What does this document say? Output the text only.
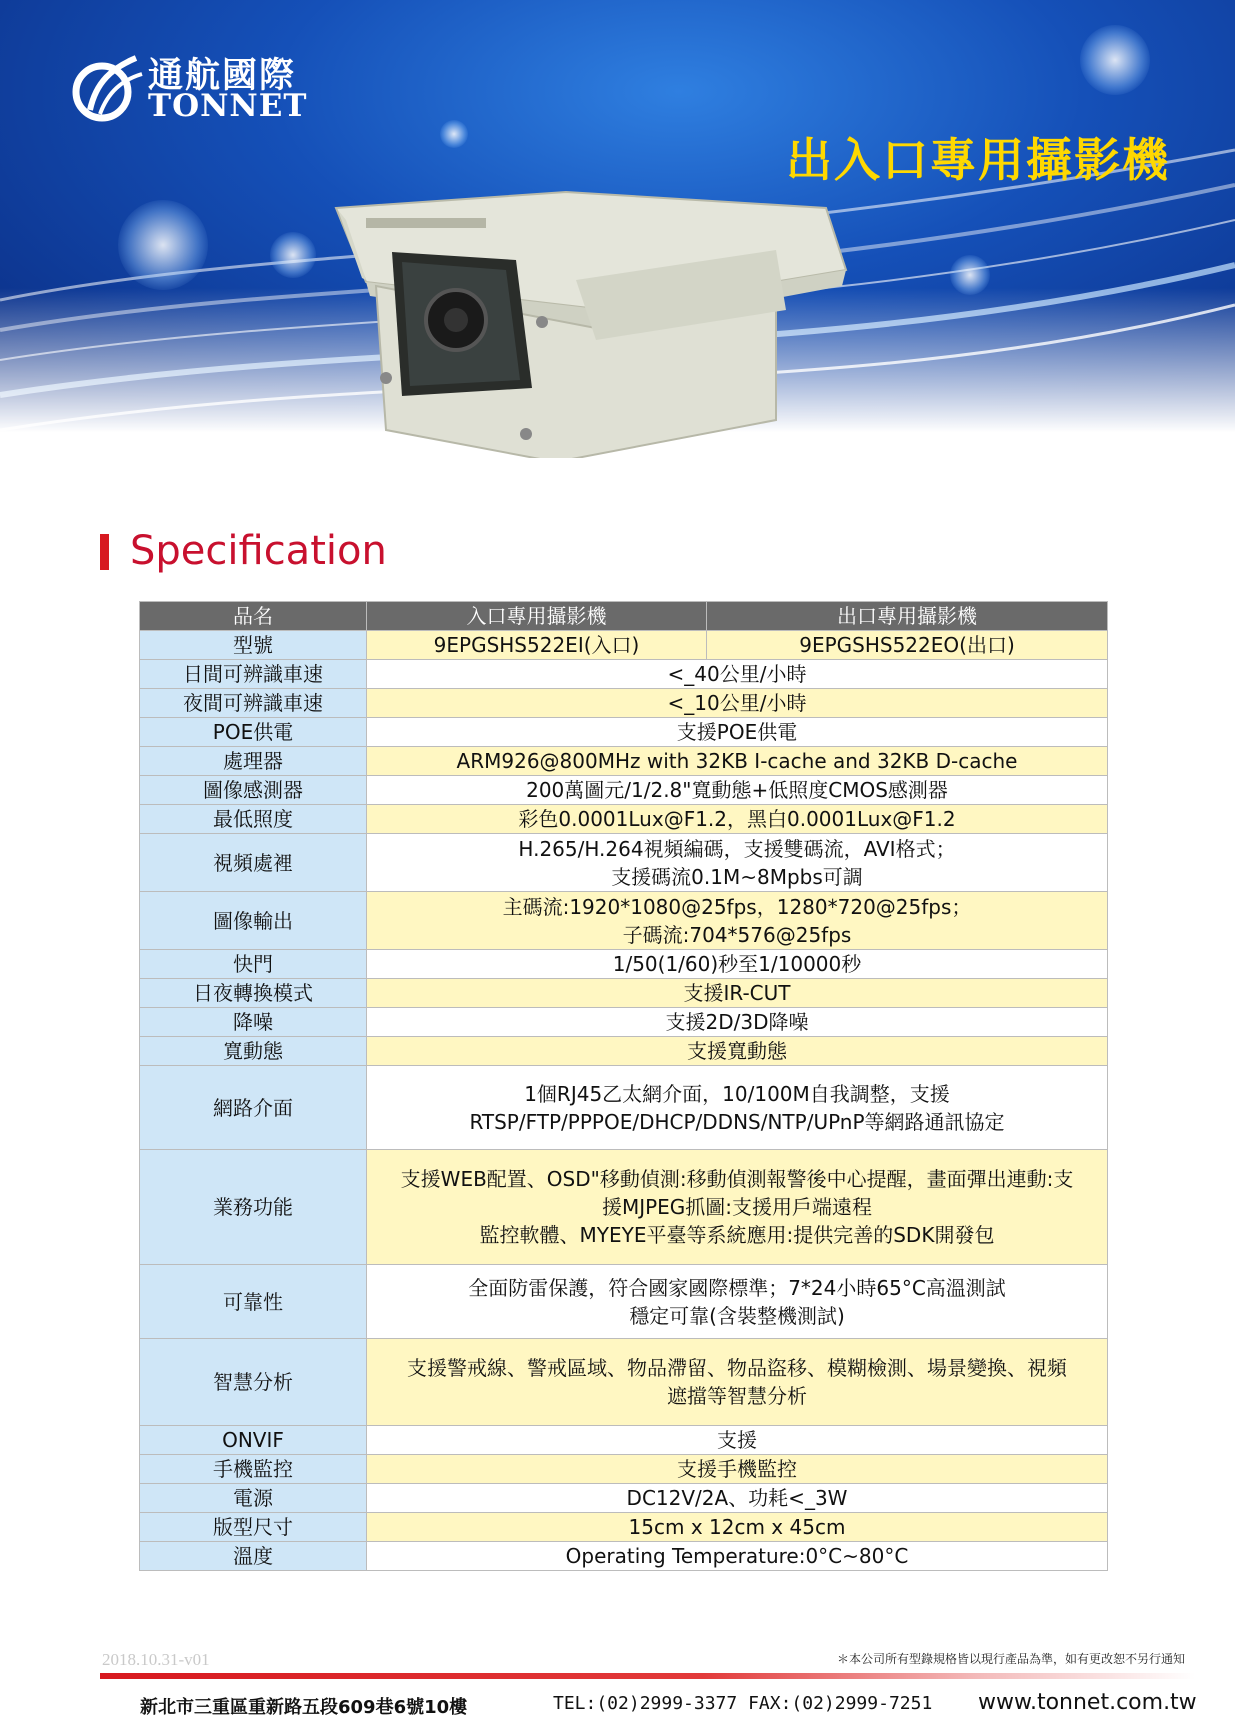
通航國際
TONNET
出入口專用攝影機
Specification
品名	入口專用攝影機	出口專用攝影機
型號	9EPGSHS522EI(入口)	9EPGSHS522EO(出口)
日間可辨識車速	<_40公里/小時	

夜間可辨識車速	<_10公里/小時	

POE供電	支援POE供電	

處理器	ARM926@800MHz with 32KB I-cache and 32KB D-cache	

圖像感測器	200萬圖元/1/2.8"寬動態+低照度CMOS感測器	

最低照度	彩色0.0001Lux@F1.2，黑白0.0001Lux@F1.2	

視頻處裡	H.265/H.264視頻編碼，支援雙碼流，AVI格式；
支援碼流0.1M~8Mpbs可調	

圖像輸出	主碼流:1920*1080@25fps，1280*720@25fps；
子碼流:704*576@25fps	

快門	1/50(1/60)秒至1/10000秒	

日夜轉換模式	支援IR-CUT	

降噪	支援2D/3D降噪	

寬動態	支援寬動態	

網路介面	1個RJ45乙太網介面，10/100M自我調整，支援
RTSP/FTP/PPPOE/DHCP/DDNS/NTP/UPnP等網路通訊協定	

業務功能	支援WEB配置、OSD"移動偵測:移動偵測報警後中心提醒，畫面彈出連動:支
援MJPEG抓圖:支援用戶端遠程
監控軟體、MYEYE平臺等系統應用:提供完善的SDK開發包	

可靠性	全面防雷保護，符合國家國際標準；7*24小時65°C高溫測試
穩定可靠(含裝整機測試)	

智慧分析	支援警戒線、警戒區域、物品滯留、物品盜移、模糊檢測、場景變換、視頻
遮擋等智慧分析	

ONVIF	支援	

手機監控	支援手機監控	

電源	DC12V/2A、功耗<_3W	

版型尺寸	15cm x 12cm x 45cm	

溫度	Operating Temperature:0°C~80°C	
2018.10.31-v01	＊本公司所有型錄規格皆以現行產品為準，如有更改恕不另行通知
新北市三重區重新路五段609巷6號10樓	TEL:(02)2999-3377 FAX:(02)2999-7251 www.tonnet.com.tw
